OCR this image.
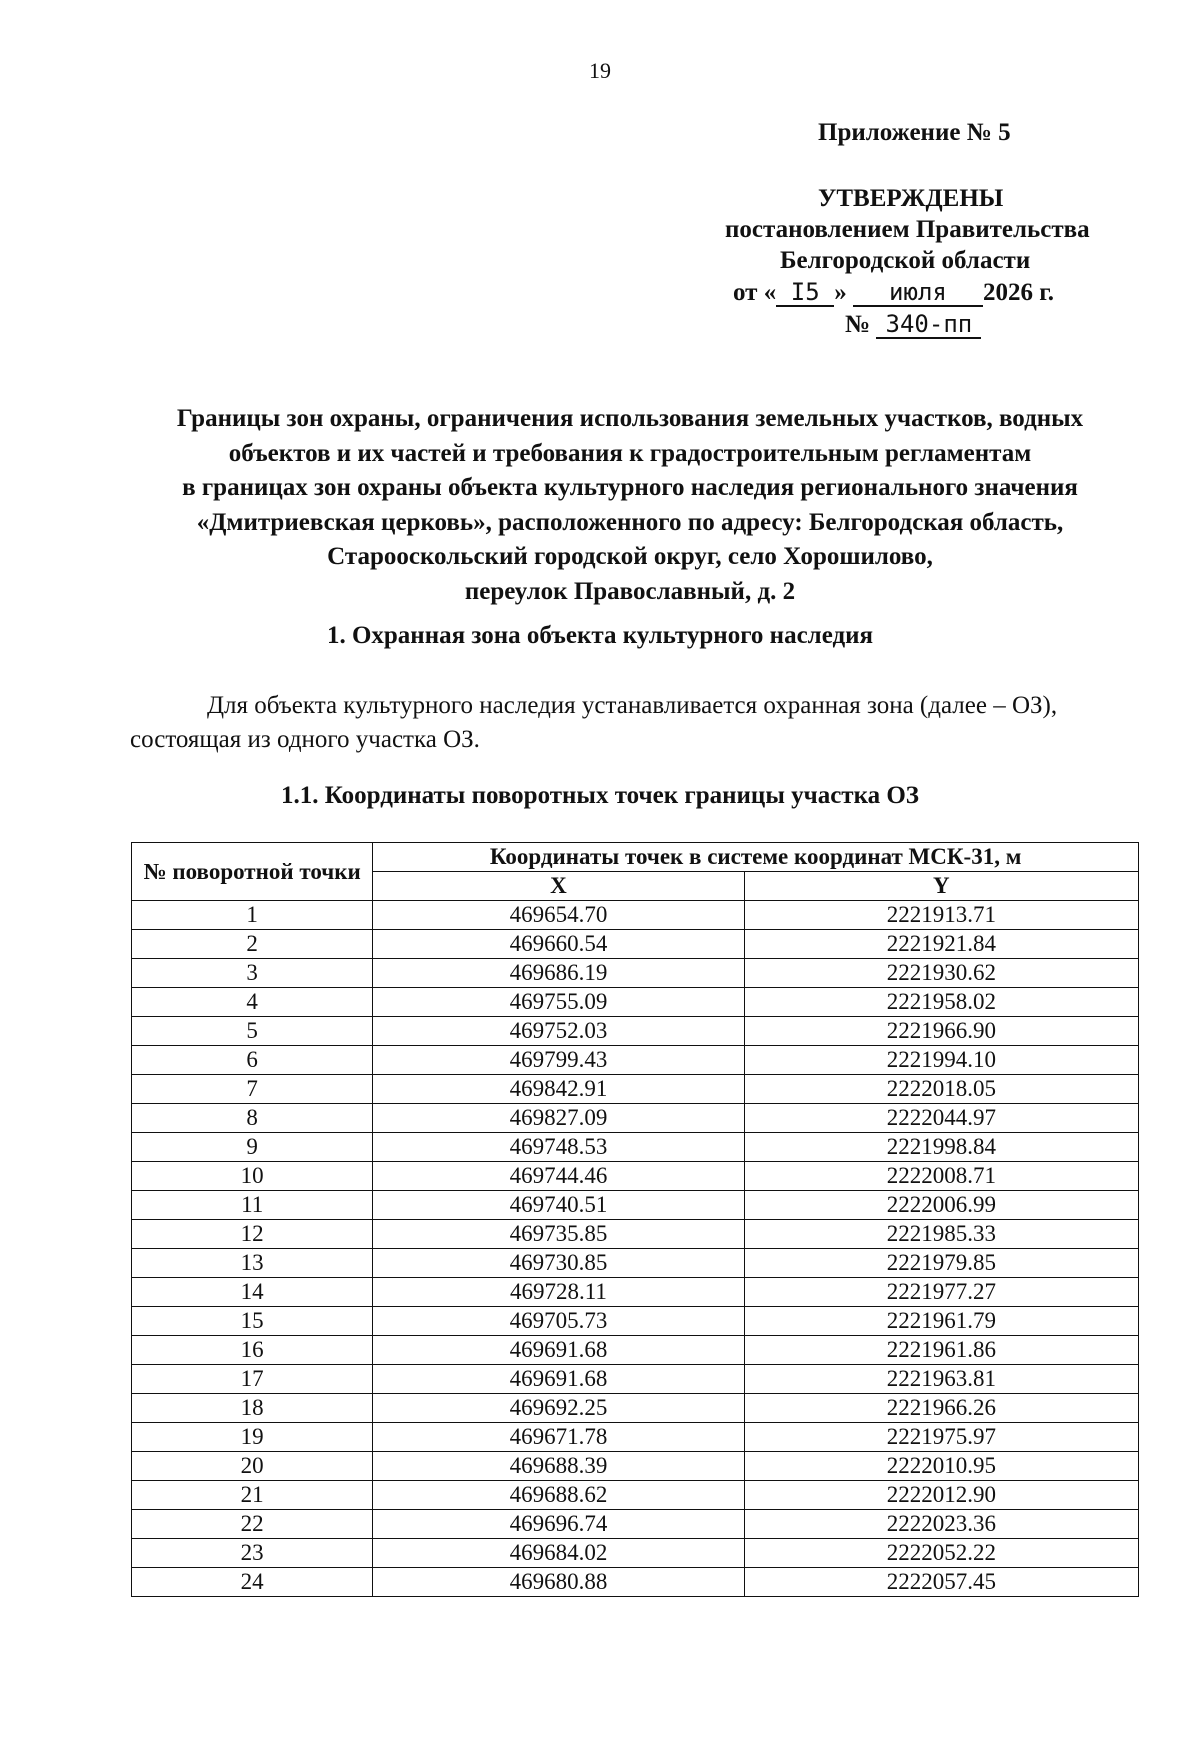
19
Приложение № 5
УТВЕРЖДЕНЫ
постановлением Правительства
Белгородской области
от « I5 » июля 2026 г.
№ 340-пп
Границы зон охраны, ограничения использования земельных участков, водных
объектов и их частей и требования к градостроительным регламентам
в границах зон охраны объекта культурного наследия регионального значения
«Дмитриевская церковь», расположенного по адресу: Белгородская область,
Старооскольский городской округ, село Хорошилово,
переулок Православный, д. 2
1. Охранная зона объекта культурного наследия
Для объекта культурного наследия устанавливается охранная зона (далее – ОЗ), состоящая из одного участка ОЗ.
1.1. Координаты поворотных точек границы участка ОЗ
№ поворотной точки	Координаты точек в системе координат МСК-31, м	
	X	Y
1	469654.70	2221913.71
2	469660.54	2221921.84
3	469686.19	2221930.62
4	469755.09	2221958.02
5	469752.03	2221966.90
6	469799.43	2221994.10
7	469842.91	2222018.05
8	469827.09	2222044.97
9	469748.53	2221998.84
10	469744.46	2222008.71
11	469740.51	2222006.99
12	469735.85	2221985.33
13	469730.85	2221979.85
14	469728.11	2221977.27
15	469705.73	2221961.79
16	469691.68	2221961.86
17	469691.68	2221963.81
18	469692.25	2221966.26
19	469671.78	2221975.97
20	469688.39	2222010.95
21	469688.62	2222012.90
22	469696.74	2222023.36
23	469684.02	2222052.22
24	469680.88	2222057.45
